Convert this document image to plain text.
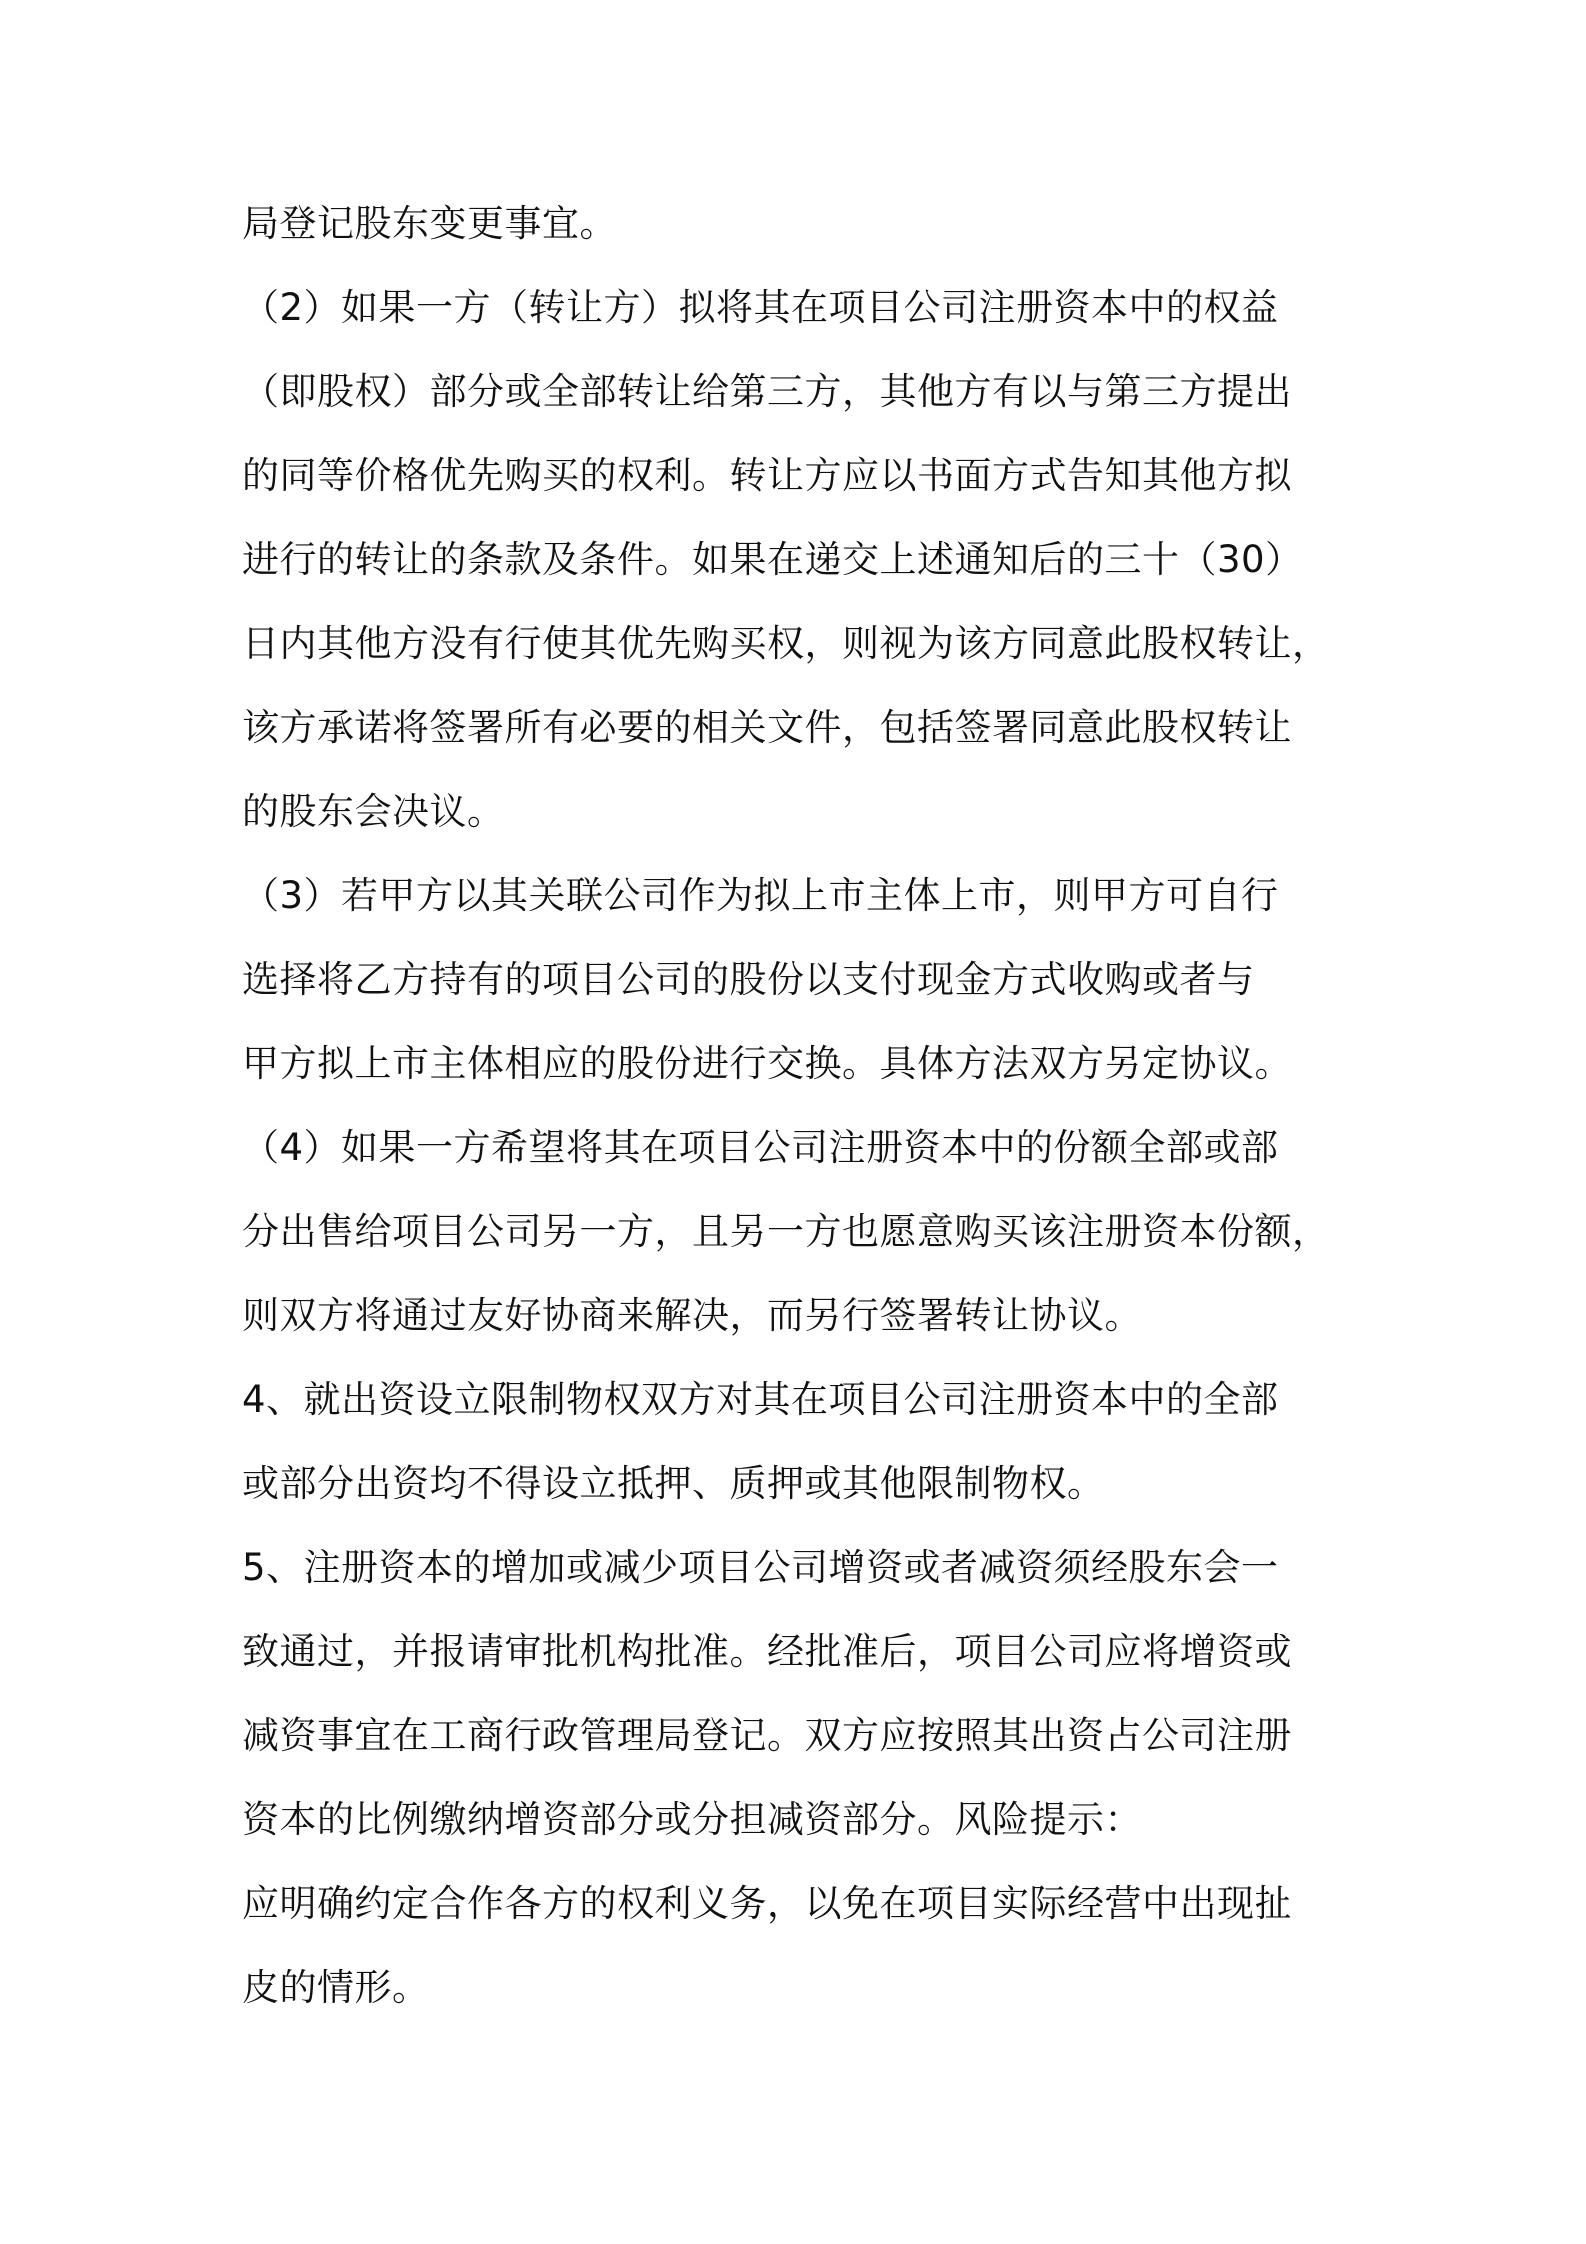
局登记股东变更事宜。
（2）如果一方（转让方）拟将其在项目公司注册资本中的权益
（即股权）部分或全部转让给第三方，其他方有以与第三方提出
的同等价格优先购买的权利。转让方应以书面方式告知其他方拟
进行的转让的条款及条件。如果在递交上述通知后的三十（30）
日内其他方没有行使其优先购买权，则视为该方同意此股权转让，
该方承诺将签署所有必要的相关文件，包括签署同意此股权转让
的股东会决议。
（3）若甲方以其关联公司作为拟上市主体上市，则甲方可自行
选择将乙方持有的项目公司的股份以支付现金方式收购或者与
甲方拟上市主体相应的股份进行交换。具体方法双方另定协议。
（4）如果一方希望将其在项目公司注册资本中的份额全部或部
分出售给项目公司另一方，且另一方也愿意购买该注册资本份额，
则双方将通过友好协商来解决，而另行签署转让协议。
4、就出资设立限制物权双方对其在项目公司注册资本中的全部
或部分出资均不得设立抵押、质押或其他限制物权。
5、注册资本的增加或减少项目公司增资或者减资须经股东会一
致通过，并报请审批机构批准。经批准后，项目公司应将增资或
减资事宜在工商行政管理局登记。双方应按照其出资占公司注册
资本的比例缴纳增资部分或分担减资部分。风险提示：
应明确约定合作各方的权利义务，以免在项目实际经营中出现扯
皮的情形。
